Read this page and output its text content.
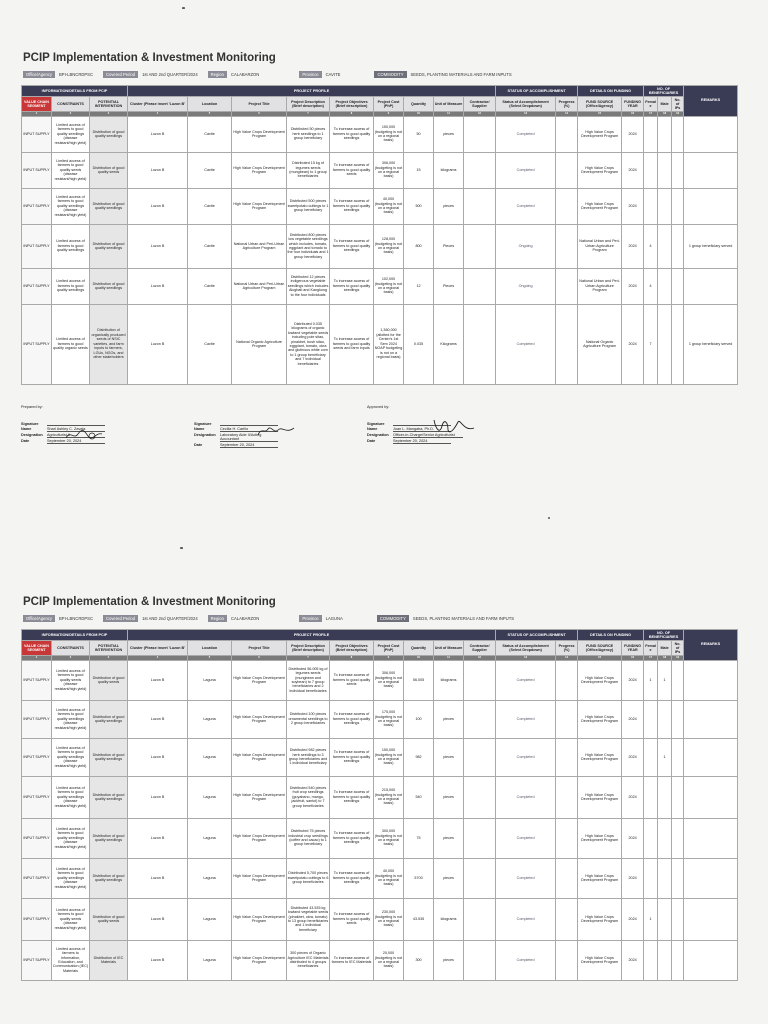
PCIP Implementation & Investment Monitoring
Office/Agency	BPI-LBNCRDPSC	Covered Period	1st AND 2nd QUARTER/2024	Region	CALABARZON	Province	CAVITE	COMMODITY	SEEDS, PLANTING MATERIALS AND FARM INPUTS
INFORMATION/DETAILS FROM PCIP			PROJECT PROFILE									STATUS OF ACCOMPLISHMENT		DETAILS ON FUNDING		NO. OF BENEFICIARIES			REMARKS
VALUE CHAIN SEGMENT	CONSTRAINTS	POTENTIAL INTERVENTION	Cluster (Please insert 'Luzon B'	Location	Project Title	Project Description (Brief description)	Project Objectives (Brief description)	Project Cost (PhP)	Quantity	Unit of Measure	Contractor/ Supplier	Status of Accomplishment (Select Dropdown)	Progress (%)	FUND SOURCE (Office/Agency)	FUNDING YEAR	Female	Male	No. of IPs	
1	2	3	4	5	6	7	8	9	10	11	12	13	14	15	16	17	18	19	
INPUT SUPPLY	Limited access of farmers to good quality seedlings (disease resistant/high yield)	Distribution of good quality seedlings	Luzon B	Cavite	High Value Crops Development Program	Distributed 50 pieces herb seedlings to 1 group beneficiary	To increase access of farmers to good quality seedlings	150,000 (budgeting is not on a regional basis)	50	pieces		Completed		High Value Crops Development Program	2024				
INPUT SUPPLY	Limited access of farmers to good quality seeds (disease resistant/high yield)	Distribution of good quality seeds	Luzon B	Cavite	High Value Crops Development Program	Distributed 15 kg of legumes seeds (mungbean) to 1 group beneficiaries	To increase access of farmers to good quality seeds	306,000 (budgeting is not on a regional basis)	15	kilograms		Completed		High Value Crops Development Program	2024				
INPUT SUPPLY	Limited access of farmers to good quality seedlings (disease resistant/high yield)	Distribution of good quality seedlings	Luzon B	Cavite	High Value Crops Development Program	Distributed 500 pieces sweetpotato cuttings to 1 group beneficiary	To increase access of farmers to good quality seedlings	40,000 (budgeting is not on a regional basis)	500	pieces		Completed		High Value Crops Development Program	2024				
INPUT SUPPLY	Limited access of farmers to good quality seedlings	Distribution of good quality seedlings	Luzon B	Cavite	National Urban and Peri-Urban Agriculture Program	Distributed 800 pieces low vegetable seedlings which includes, tomato, eggplant and tomato to the four individuals and 1 group beneficiary	To increase access of farmers to good quality seedlings	128,000 (budgeting is not on a regional basis)	800	Pieces		Ongoing		National Urban and Peri-Urban Agriculture Program	2024	4			1 group beneficiary served
INPUT SUPPLY	Limited access of farmers to good quality seedlings	Distribution of good quality seedlings	Luzon B	Cavite	National Urban and Peri-Urban Agriculture Program	Distributed 12 pieces indigenous vegetable seedlings which includes Alugbati and Kangkong to the four individuals	To increase access of farmers to good quality seedlings	102,000 (budgeting is not on a regional basis)	12	Pieces		Ongoing		National Urban and Peri-Urban Agriculture Program	2024	4			
INPUT SUPPLY	Limited access of farmers to good quality organic seeds	Distribution of organically produced seeds of NSIC varieties, and farm inputs to farmers, LGUs, NGOs, and other stakeholders	Luzon B	Cavite	National Organic Agriculture Program	Distributed 0.035 kilograms of organic lowland vegetable seeds including pole sitao, pinakbet, bush sitao, eggplant, tomato, okra and glutinous white corn to 1 group beneficiary and 7 individual beneficiaries	To increase access of farmers to good quality seeds and farm inputs	1,360,000 (allotted for the Center's 1st Sem 2024 NOAP budgeting is not on a regional basis)	0.035	Kilograms		Completed		National Organic Agriculture Program	2024	7			1 group beneficiary served
Prepared by:
Signature
Name	Sharl Ashley C. Zavala
Designation	Agriculturist II
Date	September 20, 2024

Signature
Name	Cecilia H. Carillo
Designation	Laboratory Aide II/Acting Accountant
Date	September 20, 2024
Approved by:
Signature
Name	Joan L. Mangaba, Ph.D.
Designation	Officer-in-Charge/Senior Agriculturist
Date	September 20, 2024
PCIP Implementation & Investment Monitoring
Office/Agency	BPI-LBNCRDPSC	Covered Period	1st AND 2nd QUARTER/2024	Region	CALABARZON	Province	LAGUNA	COMMODITY	SEEDS, PLANTING MATERIALS AND FARM INPUTS
INFORMATION/DETAILS FROM PCIP			PROJECT PROFILE									STATUS OF ACCOMPLISHMENT		DETAILS ON FUNDING		NO. OF BENEFICIARIES			REMARKS
VALUE CHAIN SEGMENT	CONSTRAINTS	POTENTIAL INTERVENTION	Cluster (Please insert 'Luzon B'	Location	Project Title	Project Description (Brief description)	Project Objectives (Brief description)	Project Cost (PhP)	Quantity	Unit of Measure	Contractor/ Supplier	Status of Accomplishment (Select Dropdown)	Progress (%)	FUND SOURCE (Office/Agency)	FUNDING YEAR	Female	Male	No. of IPs	
1	2	3	4	5	6	7	8	9	10	11	12	13	14	15	16	17	18	19	
INPUT SUPPLY	Limited access of farmers to good quality seeds (disease resistant/high yield)	Distribution of good quality seeds	Luzon B	Laguna	High Value Crops Development Program	Distributed 56.005 kg of legumes seeds (mungbean and soybean) to 7 group beneficiaries and 2 individual beneficiaries	To increase access of farmers to good quality seeds	306,000 (budgeting is not on a regional basis)	56.005	kilograms		Completed		High Value Crops Development Program	2024	1	1		
INPUT SUPPLY	Limited access of farmers to good quality seedlings (disease resistant/high yield)	Distribution of good quality seedlings	Luzon B	Laguna	High Value Crops Development Program	Distributed 100 pieces ornamental seedlings to 2 group beneficiaries	To increase access of farmers to good quality seedlings	175,000 (budgeting is not on a regional basis)	100	pieces		Completed		High Value Crops Development Program	2024				
INPUT SUPPLY	Limited access of farmers to good quality seedlings (disease resistant/high yield)	Distribution of good quality seedlings	Luzon B	Laguna	High Value Crops Development Program	Distributed 982 pieces herb seedlings to 3 group beneficiaries and 1 individual beneficiary	To increase access of farmers to good quality seedlings	150,000 (budgeting is not on a regional basis)	982	pieces		Completed		High Value Crops Development Program	2024		1		
INPUT SUPPLY	Limited access of farmers to good quality seedlings (disease resistant/high yield)	Distribution of good quality seedlings	Luzon B	Laguna	High Value Crops Development Program	Distributed 540 pieces fruit crop seedlings (guyabano, mango, jackfruit, santol) to 7 group beneficiaries	To increase access of farmers to good quality seedlings	215,000 (budgeting is not on a regional basis)	540	pieces		Completed		High Value Crops Development Program	2024				
INPUT SUPPLY	Limited access of farmers to good quality seedlings (disease resistant/high yield)	Distribution of good quality seedlings	Luzon B	Laguna	High Value Crops Development Program	Distributed 75 pieces industrial crop seedlings (coffee and cacao) to 1 group beneficiary	To increase access of farmers to good quality seedlings	300,000 (budgeting is not on a regional basis)	75	pieces		Completed		High Value Crops Development Program	2024				
INPUT SUPPLY	Limited access of farmers to good quality seedlings (disease resistant/high yield)	Distribution of good quality seedlings	Luzon B	Laguna	High Value Crops Development Program	Distributed 5,700 pieces sweetpotato cuttings to 6 group beneficiaries	To increase access of farmers to good quality seedlings	40,000 (budgeting is not on a regional basis)	5700	pieces		Completed		High Value Crops Development Program	2024				
INPUT SUPPLY	Limited access of farmers to good quality seeds (disease resistant/high yield)	Distribution of good quality seeds	Luzon B	Laguna	High Value Crops Development Program	Distributed 43.535 kg lowland vegetable seeds (pinakbet, okra, tomato) to 13 group beneficiaries and 1 individual beneficiary	To increase access of farmers to good quality seeds	230,000 (budgeting is not on a regional basis)	43.535	kilograms		Completed		High Value Crops Development Program	2024	1			
INPUT SUPPLY	Limited access of farmers to Information, Education, and Communication (IEC) Materials	Distribution of IEC Materials	Luzon B	Laguna	High Value Crops Development Program	300 pieces of Organic Agriculture IEC Materials distributed to 4 groups beneficiaries	To increase access of farmers to IEC Materials	20,000 (budgeting is not on a regional basis)	300	pieces		Completed		High Value Crops Development Program	2024				
